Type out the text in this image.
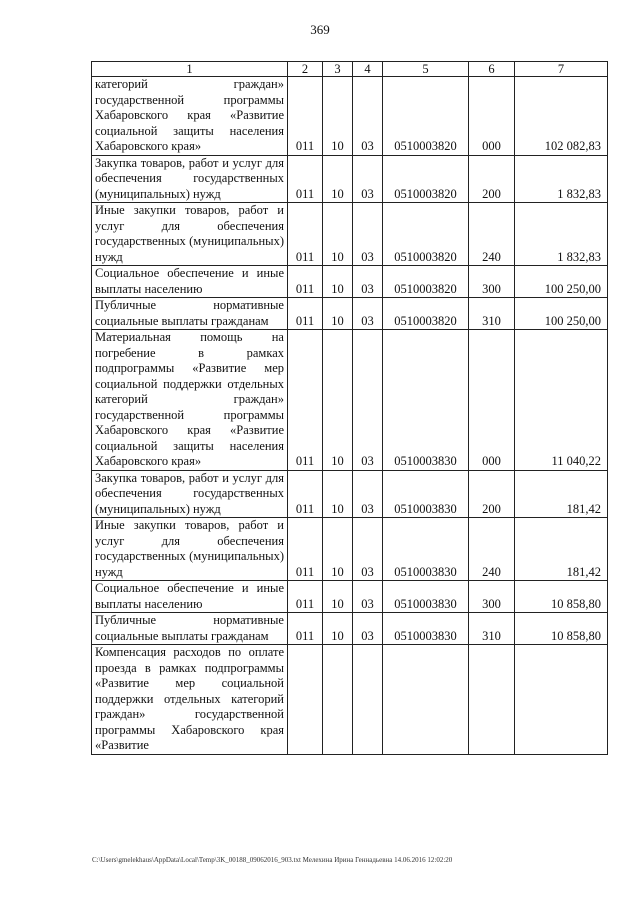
369
1	2	3	4	5	6	7
категорий граждан» государственной программы Хабаровского края «Развитие социальной защиты населения Хабаровского края»	011	10	03	0510003820	000	102 082,83
Закупка товаров, работ и услуг для обеспечения государственных (муниципальных) нужд	011	10	03	0510003820	200	1 832,83
Иные закупки товаров, работ и услуг для обеспечения государственных (муниципальных) нужд	011	10	03	0510003820	240	1 832,83
Социальное обеспечение и иные выплаты населению	011	10	03	0510003820	300	100 250,00
Публичные нормативные социальные выплаты гражданам	011	10	03	0510003820	310	100 250,00
Материальная помощь на погребение в рамках подпрограммы «Развитие мер социальной поддержки отдельных категорий граждан» государственной программы Хабаровского края «Развитие социальной защиты населения Хабаровского края»	011	10	03	0510003830	000	11 040,22
Закупка товаров, работ и услуг для обеспечения государственных (муниципальных) нужд	011	10	03	0510003830	200	181,42
Иные закупки товаров, работ и услуг для обеспечения государственных (муниципальных) нужд	011	10	03	0510003830	240	181,42
Социальное обеспечение и иные выплаты населению	011	10	03	0510003830	300	10 858,80
Публичные нормативные социальные выплаты гражданам	011	10	03	0510003830	310	10 858,80
Компенсация расходов по оплате проезда в рамках подпрограммы «Развитие мер социальной поддержки отдельных категорий граждан» государственной программы Хабаровского края «Развитие						
C:\Users\gmelekhaus\AppData\Local\Temp\3K_00188_09062016_903.txt Мелехина Ирина Геннадьевна 14.06.2016 12:02:20
